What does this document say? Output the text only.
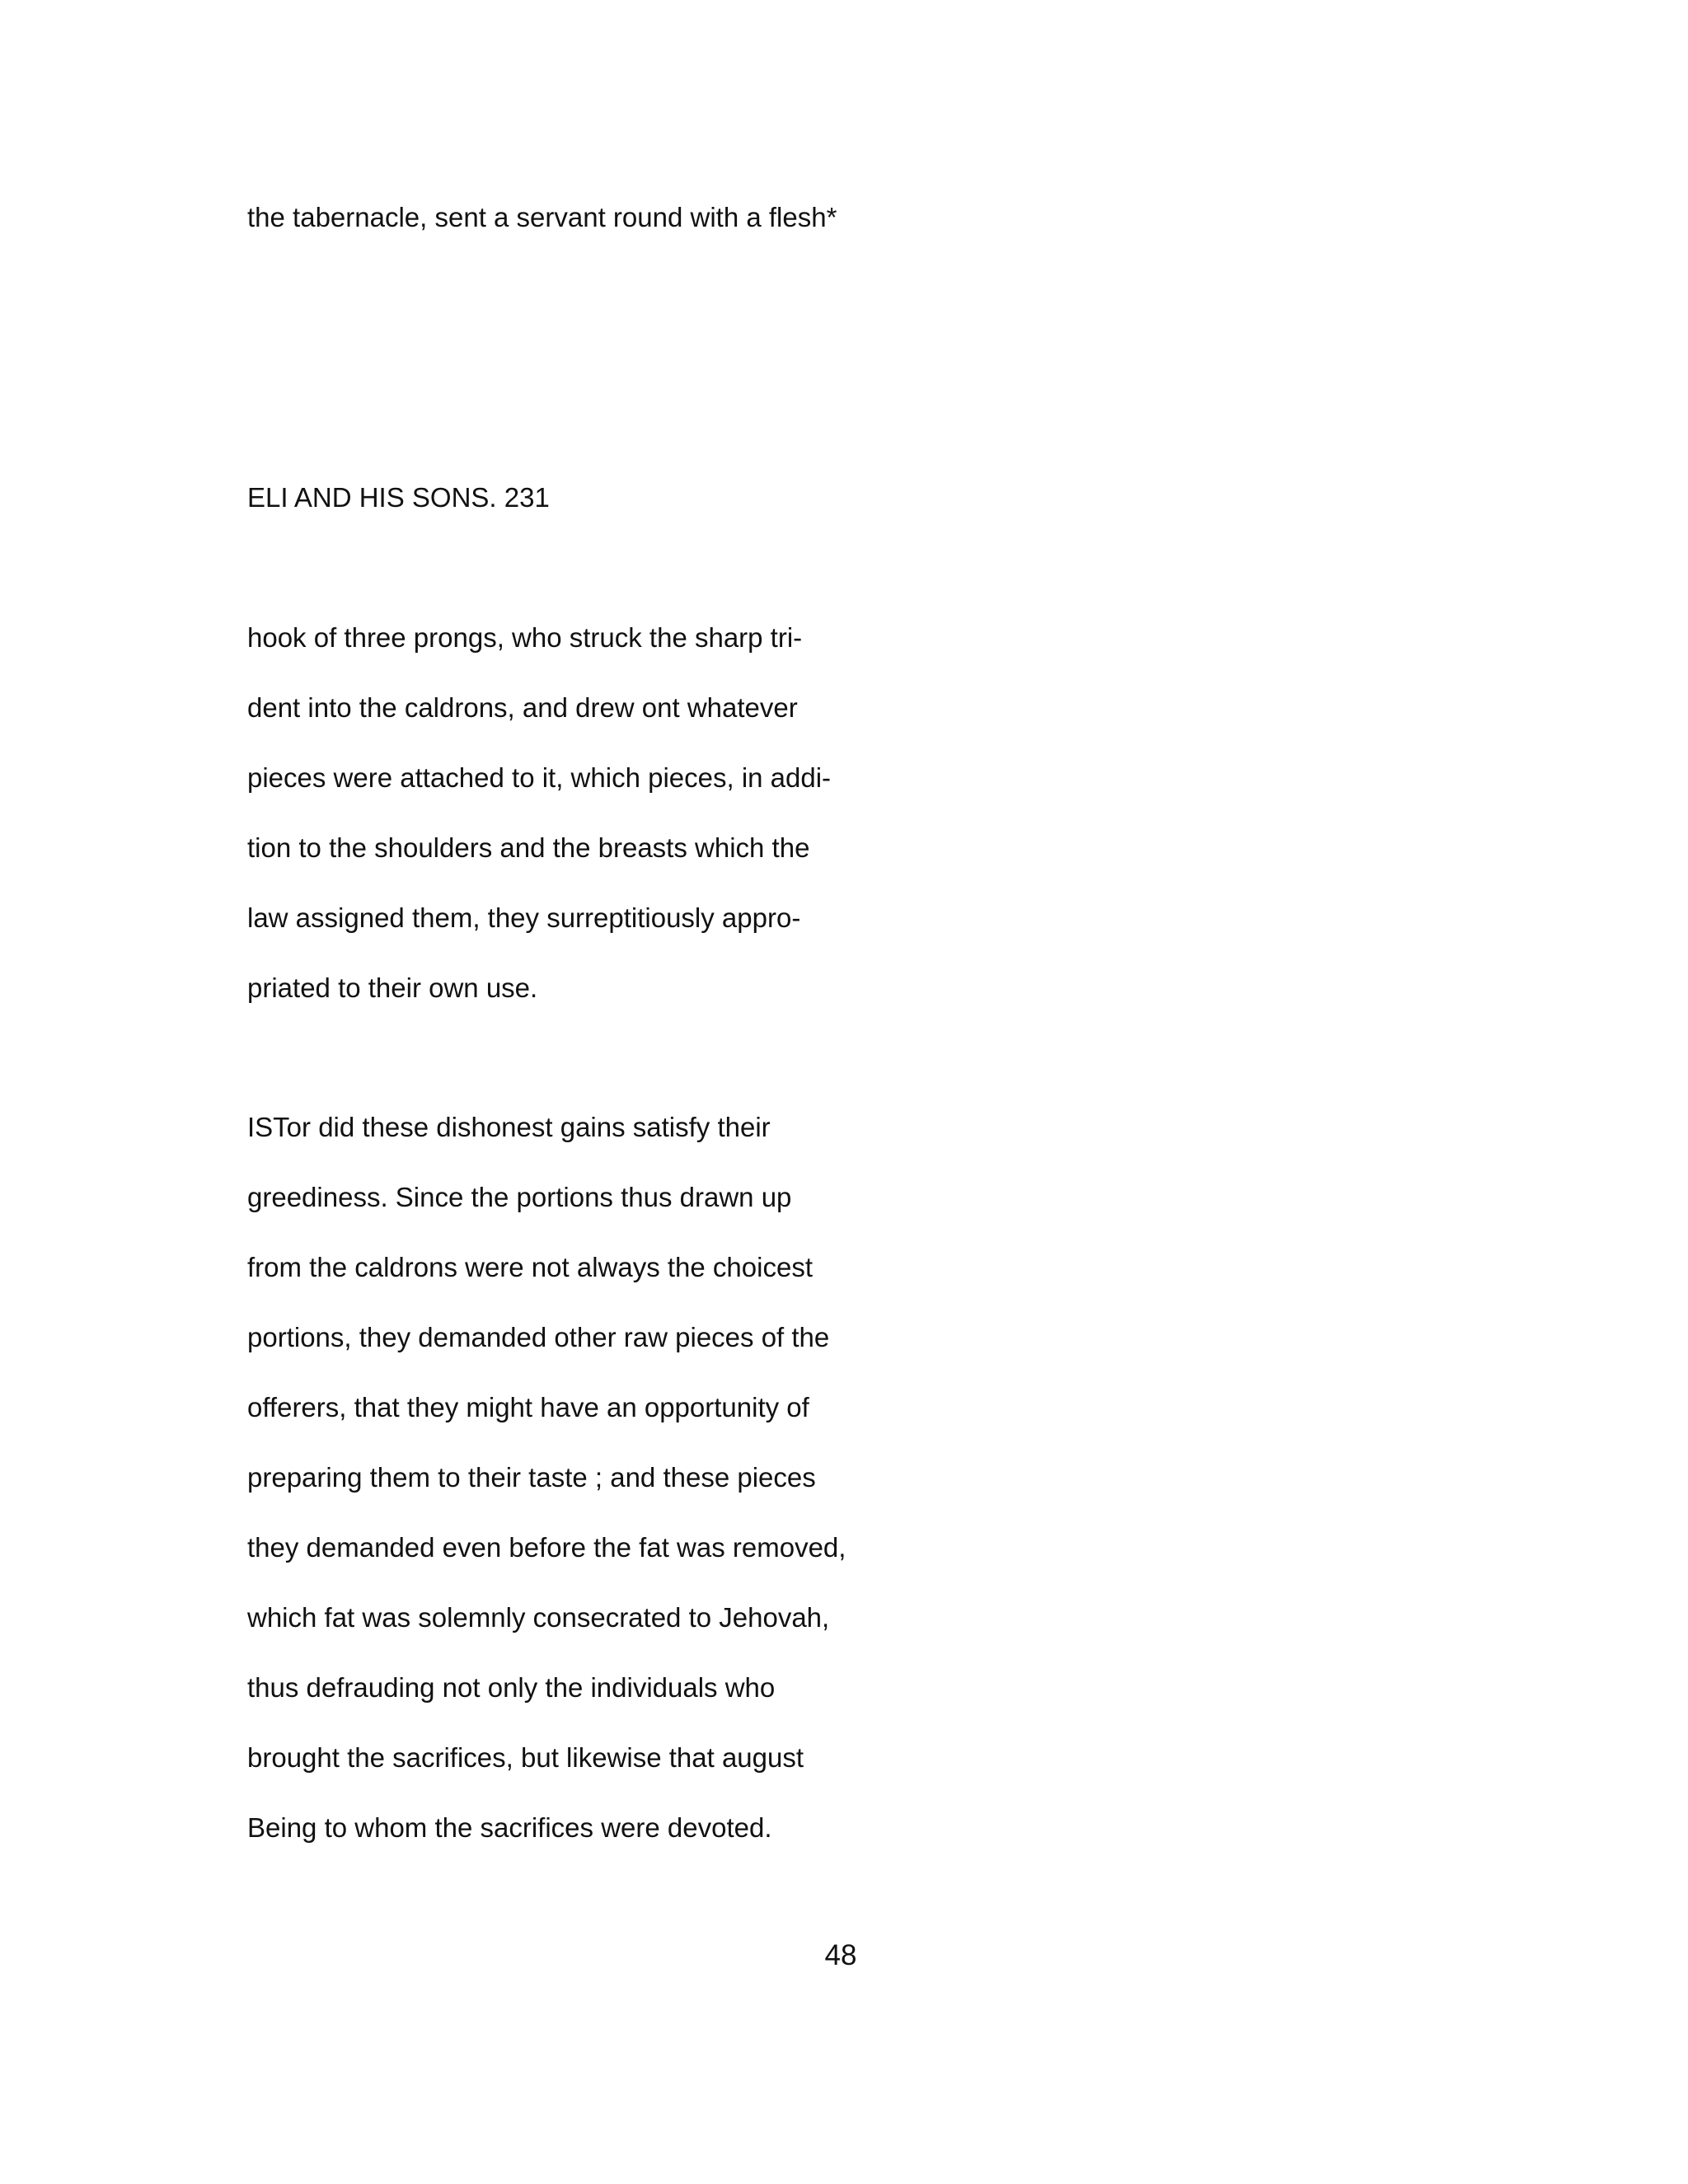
the tabernacle, sent a servant round with a flesh*
ELI AND HIS SONS. 231
hook of three prongs, who struck the sharp tri-
dent into the caldrons, and drew ont whatever
pieces were attached to it, which pieces, in addi-
tion to the shoulders and the breasts which the
law assigned them, they surreptitiously appro-
priated to their own use.
ISTor did these dishonest gains satisfy their
greediness. Since the portions thus drawn up
from the caldrons were not always the choicest
portions, they demanded other raw pieces of the
offerers, that they might have an opportunity of
preparing them to their taste ; and these pieces
they demanded even before the fat was removed,
which fat was solemnly consecrated to Jehovah,
thus defrauding not only the individuals who
brought the sacrifices, but likewise that august
Being to whom the sacrifices were devoted.
48
